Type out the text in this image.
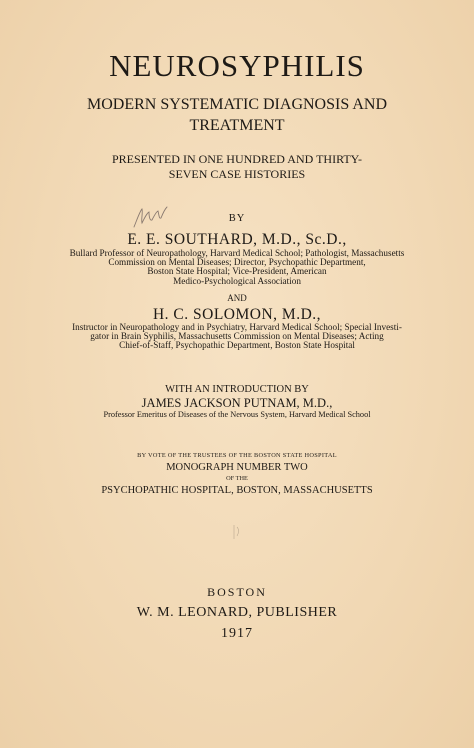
NEUROSYPHILIS
MODERN SYSTEMATIC DIAGNOSIS AND
TREATMENT
PRESENTED IN ONE HUNDRED AND THIRTY-
SEVEN CASE HISTORIES
BY
E. E. SOUTHARD, M.D., Sc.D.,
Bullard Professor of Neuropathology, Harvard Medical School; Pathologist, Massachusetts
Commission on Mental Diseases; Director, Psychopathic Department,
Boston State Hospital; Vice-President, American
Medico-Psychological Association
AND
H. C. SOLOMON, M.D.,
Instructor in Neuropathology and in Psychiatry, Harvard Medical School; Special Investi-
gator in Brain Syphilis, Massachusetts Commission on Mental Diseases; Acting
Chief-of-Staff, Psychopathic Department, Boston State Hospital
WITH AN INTRODUCTION BY
JAMES JACKSON PUTNAM, M.D.,
Professor Emeritus of Diseases of the Nervous System, Harvard Medical School
BY VOTE OF THE TRUSTEES OF THE BOSTON STATE HOSPITAL
MONOGRAPH NUMBER TWO
OF THE
PSYCHOPATHIC HOSPITAL, BOSTON, MASSACHUSETTS
BOSTON
W. M. LEONARD, PUBLISHER
1917
